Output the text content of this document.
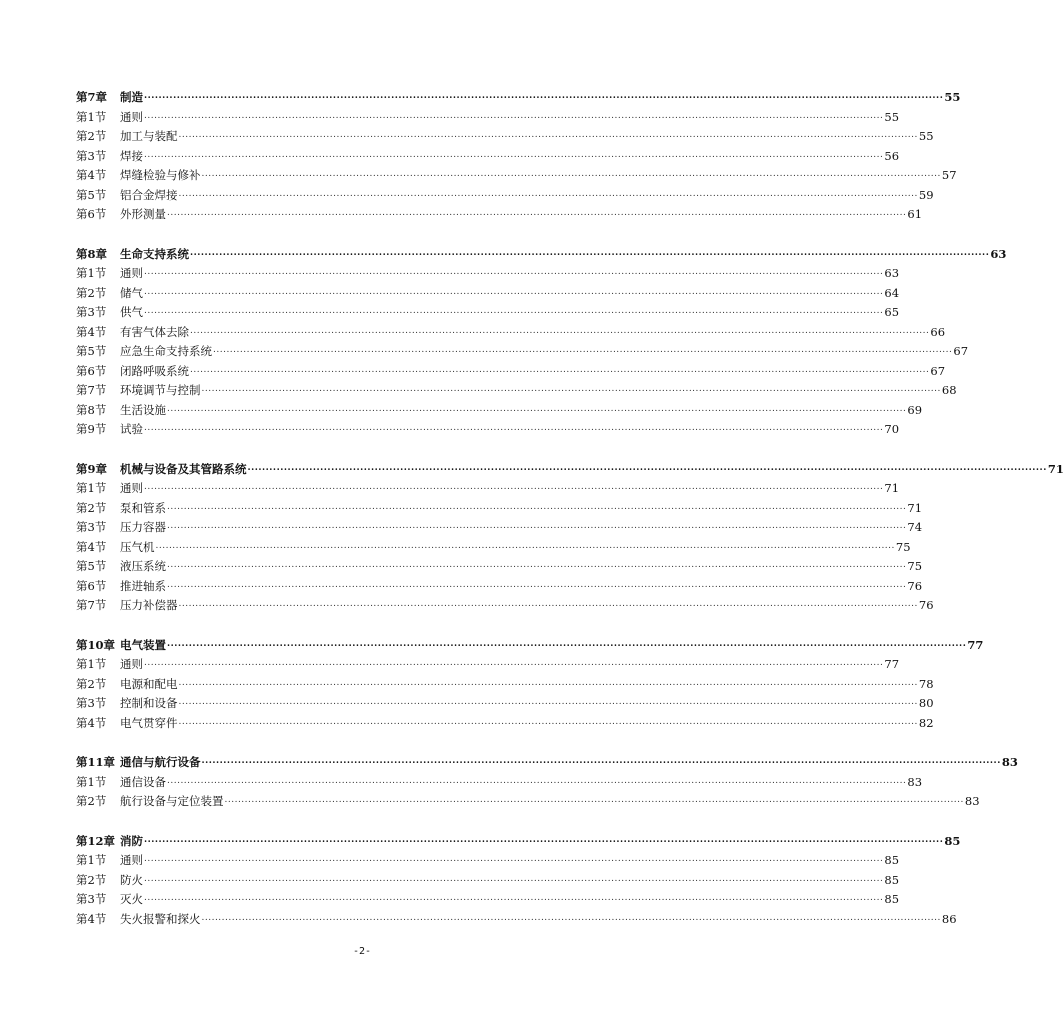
第7章	制造 ............................................................................................................................................................................................................................ 55
第1节	通则 ............................................................................................................................................................................................................................ 55
第2节	加工与装配 ............................................................................................................................................................................................................................ 55
第3节	焊接 ............................................................................................................................................................................................................................ 56
第4节	焊缝检验与修补 ............................................................................................................................................................................................................................ 57
第5节	铝合金焊接 ............................................................................................................................................................................................................................ 59
第6节	外形测量 ............................................................................................................................................................................................................................ 61
第8章	生命支持系统 ............................................................................................................................................................................................................................ 63
第1节	通则 ............................................................................................................................................................................................................................ 63
第2节	储气 ............................................................................................................................................................................................................................ 64
第3节	供气 ............................................................................................................................................................................................................................ 65
第4节	有害气体去除 ............................................................................................................................................................................................................................ 66
第5节	应急生命支持系统 ............................................................................................................................................................................................................................ 67
第6节	闭路呼吸系统 ............................................................................................................................................................................................................................ 67
第7节	环境调节与控制 ............................................................................................................................................................................................................................ 68
第8节	生活设施 ............................................................................................................................................................................................................................ 69
第9节	试验 ............................................................................................................................................................................................................................ 70
第9章	机械与设备及其管路系统 ............................................................................................................................................................................................................................ 71
第1节	通则 ............................................................................................................................................................................................................................ 71
第2节	泵和管系 ............................................................................................................................................................................................................................ 71
第3节	压力容器 ............................................................................................................................................................................................................................ 74
第4节	压气机 ............................................................................................................................................................................................................................ 75
第5节	液压系统 ............................................................................................................................................................................................................................ 75
第6节	推进轴系 ............................................................................................................................................................................................................................ 76
第7节	压力补偿器 ............................................................................................................................................................................................................................ 76
第10章 电气装置 ............................................................................................................................................................................................................................ 77
第1节	通则 ............................................................................................................................................................................................................................ 77
第2节	电源和配电 ............................................................................................................................................................................................................................ 78
第3节	控制和设备 ............................................................................................................................................................................................................................ 80
第4节	电气贯穿件 ............................................................................................................................................................................................................................ 82
第11章 通信与航行设备 ............................................................................................................................................................................................................................ 83
第1节	通信设备 ............................................................................................................................................................................................................................ 83
第2节	航行设备与定位装置 ............................................................................................................................................................................................................................ 83
第12章 消防 ............................................................................................................................................................................................................................ 85
第1节	通则 ............................................................................................................................................................................................................................ 85
第2节	防火 ............................................................................................................................................................................................................................ 85
第3节	灭火 ............................................................................................................................................................................................................................ 85
第4节	失火报警和探火 ............................................................................................................................................................................................................................ 86
-2-
